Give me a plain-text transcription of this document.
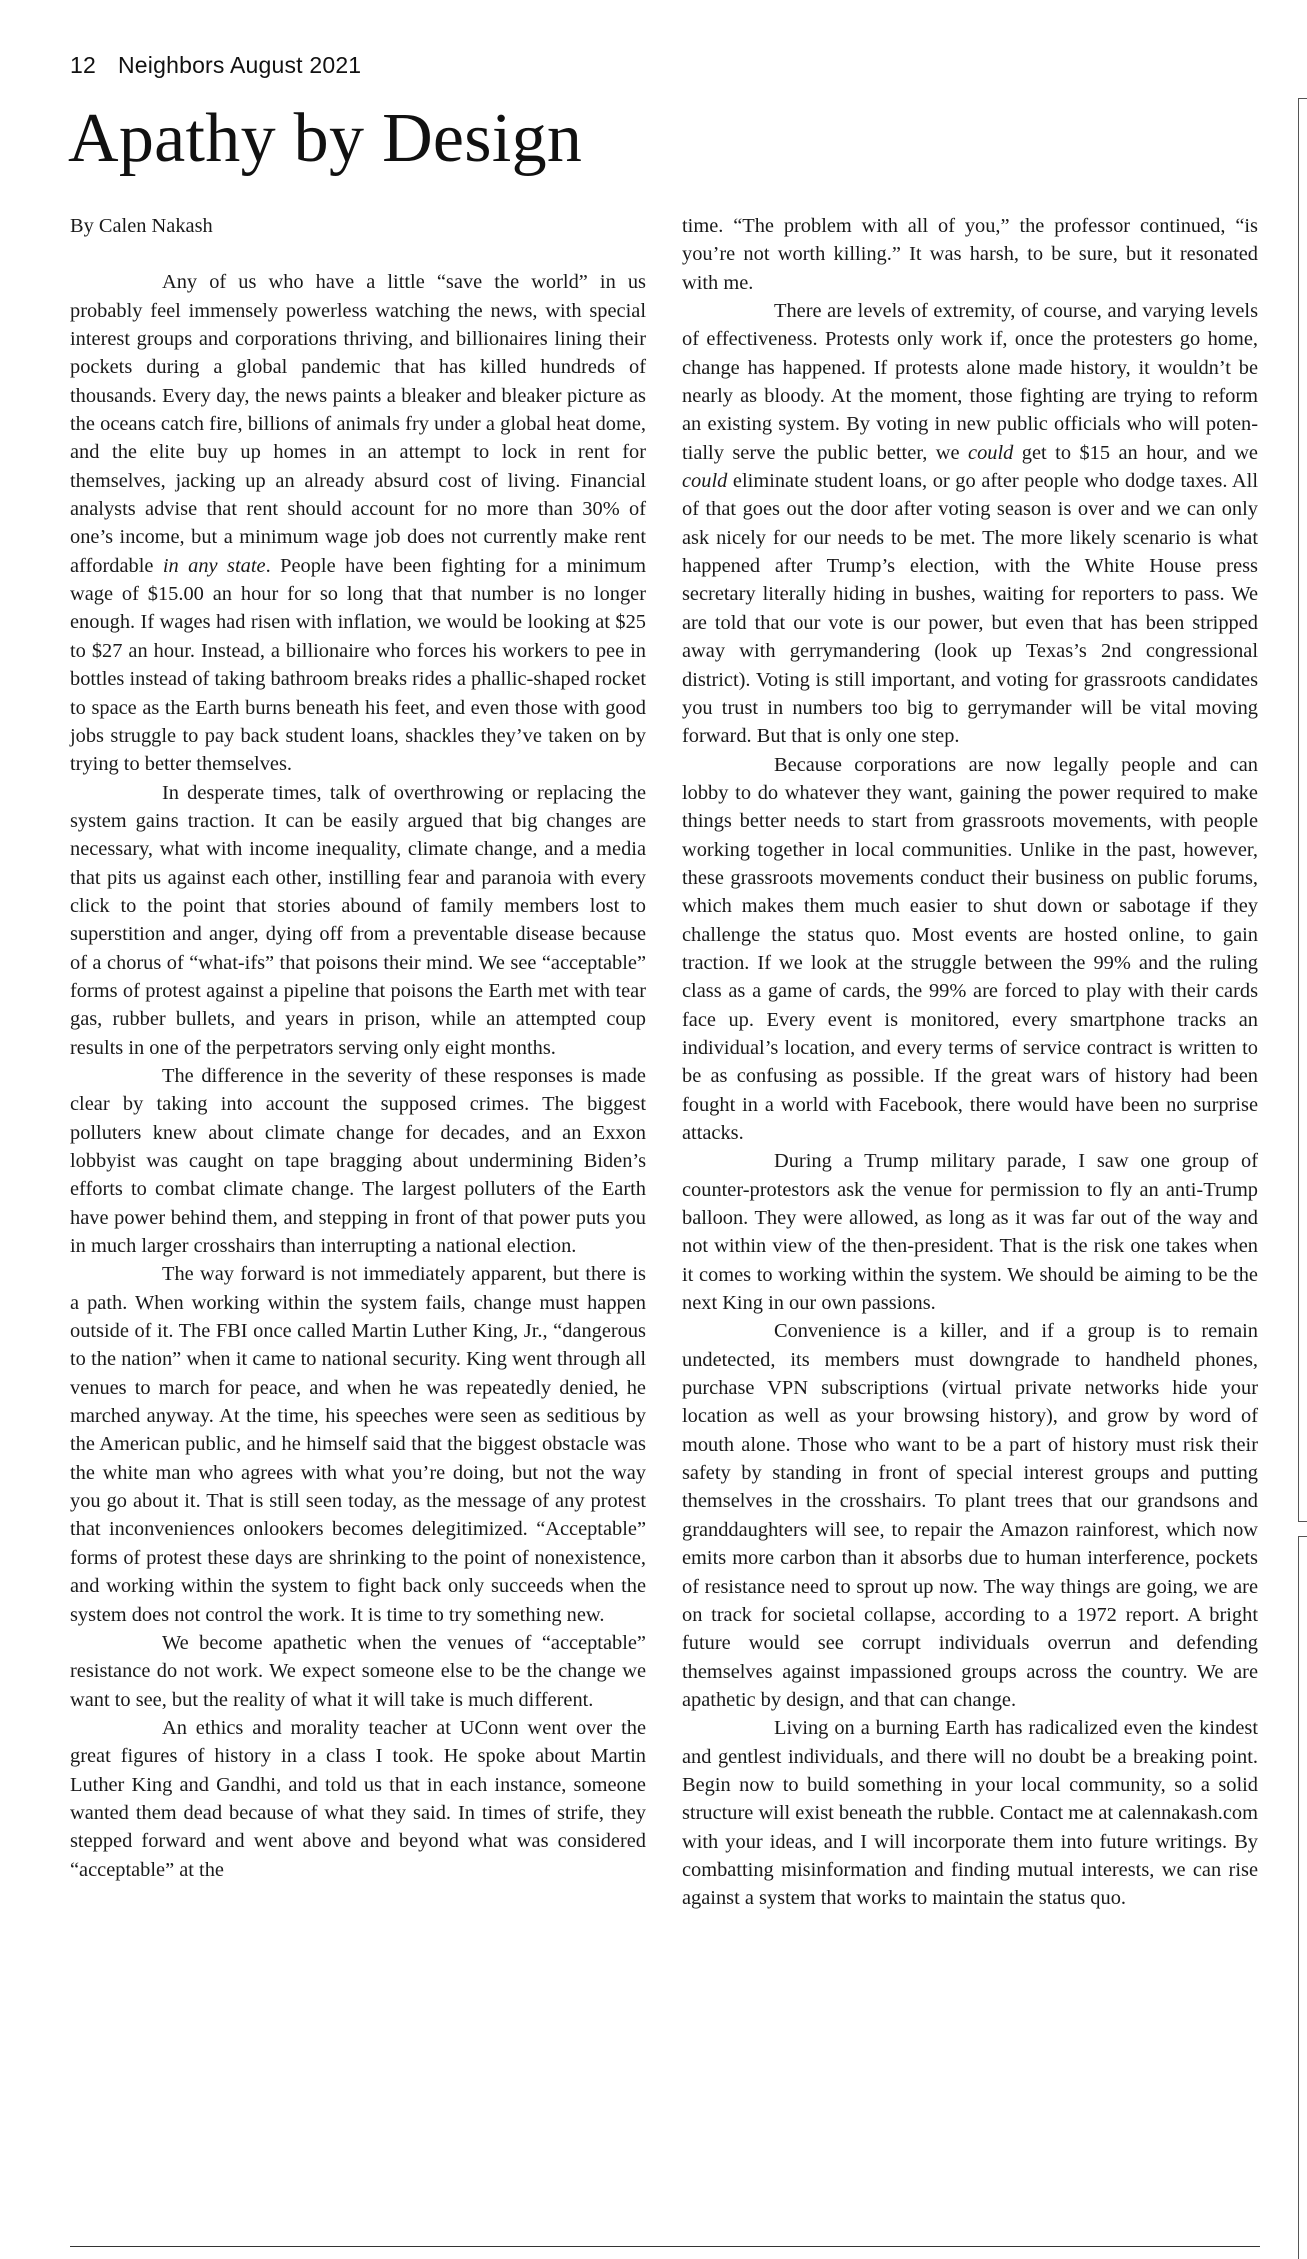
12 Neighbors August 2021
Apathy by Design

By Calen Nakash

Any of us who have a little “save the world” in us probably feel immensely powerless watching the news, with special interest groups and corporations thriving, and billionaires lining their pockets during a global pandemic that has killed hundreds of thousands. Every day, the news paints a bleaker and bleaker picture as the oceans catch fire, billions of animals fry under a global heat dome, and the elite buy up homes in an attempt to lock in rent for themselves, jacking up an already absurd cost of living. Financial analysts advise that rent should account for no more than 30% of one’s income, but a minimum wage job does not currently make rent affordable in any state. People have been fighting for a minimum wage of $15.00 an hour for so long that that number is no longer enough. If wages had risen with inflation, we would be looking at $25 to $27 an hour. Instead, a billionaire who forces his workers to pee in bottles instead of taking bathroom breaks rides a phallic-shaped rocket to space as the Earth burns beneath his feet, and even those with good jobs struggle to pay back student loans, shackles they’ve taken on by trying to better themselves.

In desperate times, talk of overthrowing or replacing the system gains traction. It can be easily argued that big changes are necessary, what with income inequality, climate change, and a media that pits us against each other, instilling fear and paranoia with every click to the point that stories abound of family members lost to superstition and anger, dying off from a preventable disease because of a chorus of “what-ifs” that poisons their mind. We see “acceptable” forms of protest against a pipeline that poisons the Earth met with tear gas, rubber bullets, and years in prison, while an attempted coup results in one of the perpetrators serving only eight months.

The difference in the severity of these responses is made clear by taking into account the supposed crimes. The biggest polluters knew about climate change for decades, and an Exxon lobbyist was caught on tape bragging about undermining Biden’s efforts to combat climate change. The largest polluters of the Earth have power behind them, and stepping in front of that power puts you in much larger crosshairs than interrupting a national election.

The way forward is not immediately apparent, but there is a path. When working within the system fails, change must happen outside of it. The FBI once called Martin Luther King, Jr., “dangerous to the nation” when it came to national security. King went through all venues to march for peace, and when he was repeatedly denied, he marched anyway. At the time, his speeches were seen as seditious by the American public, and he himself said that the biggest obstacle was the white man who agrees with what you’re doing, but not the way you go about it. That is still seen today, as the message of any protest that inconveniences onlookers becomes delegitimized. “Acceptable” forms of protest these days are shrinking to the point of nonexistence, and working within the system to fight back only succeeds when the system does not control the work. It is time to try something new.

We become apathetic when the venues of “acceptable” resistance do not work. We expect someone else to be the change we want to see, but the reality of what it will take is much different.

An ethics and morality teacher at UConn went over the great figures of history in a class I took. He spoke about Martin Luther King and Gandhi, and told us that in each instance, someone wanted them dead because of what they said. In times of strife, they stepped forward and went above and beyond what was considered “acceptable” at the

time. “The problem with all of you,” the professor continued, “is you’re not worth killing.” It was harsh, to be sure, but it resonated with me.

There are levels of extremity, of course, and varying levels of effectiveness. Protests only work if, once the protesters go home, change has happened. If protests alone made history, it wouldn’t be nearly as bloody. At the moment, those fighting are trying to reform an existing system. By voting in new public officials who will potentially serve the public better, we could get to $15 an hour, and we could eliminate student loans, or go after people who dodge taxes. All of that goes out the door after voting season is over and we can only ask nicely for our needs to be met. The more likely scenario is what happened after Trump’s election, with the White House press secretary literally hiding in bushes, waiting for reporters to pass. We are told that our vote is our power, but even that has been stripped away with gerrymandering (look up Texas’s 2nd congressional district). Voting is still important, and voting for grassroots candidates you trust in numbers too big to gerrymander will be vital moving forward. But that is only one step.

Because corporations are now legally people and can lobby to do whatever they want, gaining the power required to make things better needs to start from grassroots movements, with people working together in local communities. Unlike in the past, however, these grassroots movements conduct their business on public forums, which makes them much easier to shut down or sabotage if they challenge the status quo. Most events are hosted online, to gain traction. If we look at the struggle between the 99% and the ruling class as a game of cards, the 99% are forced to play with their cards face up. Every event is monitored, every smartphone tracks an individual’s location, and every terms of service contract is written to be as confusing as possible. If the great wars of history had been fought in a world with Facebook, there would have been no surprise attacks.

During a Trump military parade, I saw one group of counter-protestors ask the venue for permission to fly an anti-Trump balloon. They were allowed, as long as it was far out of the way and not within view of the then-president. That is the risk one takes when it comes to working within the system. We should be aiming to be the next King in our own passions.

Convenience is a killer, and if a group is to remain undetected, its members must downgrade to handheld phones, purchase VPN subscriptions (virtual private networks hide your location as well as your browsing history), and grow by word of mouth alone. Those who want to be a part of history must risk their safety by standing in front of special interest groups and putting themselves in the crosshairs. To plant trees that our grandsons and granddaughters will see, to repair the Amazon rainforest, which now emits more carbon than it absorbs due to human interference, pockets of resistance need to sprout up now. The way things are going, we are on track for societal collapse, according to a 1972 report. A bright future would see corrupt individuals overrun and defending themselves against impassioned groups across the country. We are apathetic by design, and that can change.

Living on a burning Earth has radicalized even the kindest and gentlest individuals, and there will no doubt be a breaking point. Begin now to build something in your local community, so a solid structure will exist beneath the rubble. Contact me at calennakash.com with your ideas, and I will incorporate them into future writings. By combatting misinformation and finding mutual interests, we can rise against a system that works to maintain the status quo.
